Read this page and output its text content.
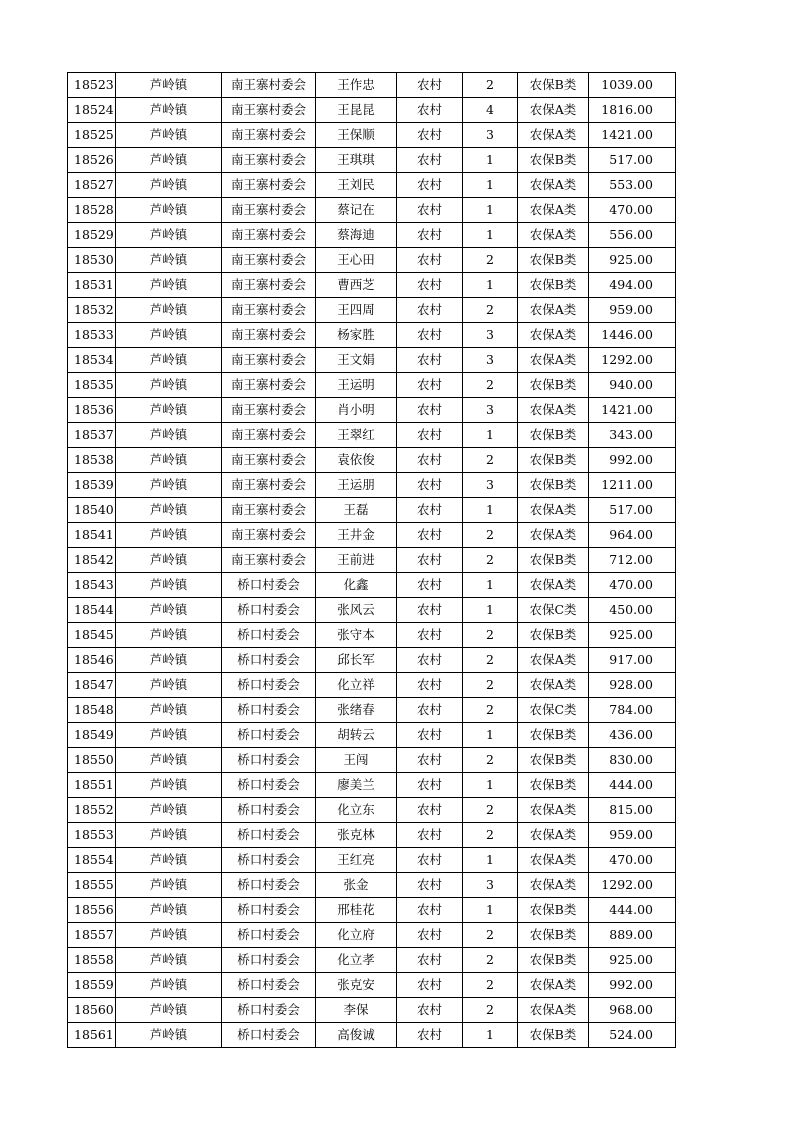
18523	芦岭镇	南王寨村委会	王作忠	农村	2	农保B类	1039.00
18524	芦岭镇	南王寨村委会	王昆昆	农村	4	农保A类	1816.00
18525	芦岭镇	南王寨村委会	王保顺	农村	3	农保A类	1421.00
18526	芦岭镇	南王寨村委会	王琪琪	农村	1	农保B类	517.00
18527	芦岭镇	南王寨村委会	王刘民	农村	1	农保A类	553.00
18528	芦岭镇	南王寨村委会	蔡记在	农村	1	农保A类	470.00
18529	芦岭镇	南王寨村委会	蔡海迪	农村	1	农保A类	556.00
18530	芦岭镇	南王寨村委会	王心田	农村	2	农保B类	925.00
18531	芦岭镇	南王寨村委会	曹西芝	农村	1	农保B类	494.00
18532	芦岭镇	南王寨村委会	王四周	农村	2	农保A类	959.00
18533	芦岭镇	南王寨村委会	杨家胜	农村	3	农保A类	1446.00
18534	芦岭镇	南王寨村委会	王文娟	农村	3	农保A类	1292.00
18535	芦岭镇	南王寨村委会	王运明	农村	2	农保B类	940.00
18536	芦岭镇	南王寨村委会	肖小明	农村	3	农保A类	1421.00
18537	芦岭镇	南王寨村委会	王翠红	农村	1	农保B类	343.00
18538	芦岭镇	南王寨村委会	袁依俊	农村	2	农保B类	992.00
18539	芦岭镇	南王寨村委会	王运朋	农村	3	农保B类	1211.00
18540	芦岭镇	南王寨村委会	王磊	农村	1	农保A类	517.00
18541	芦岭镇	南王寨村委会	王井金	农村	2	农保A类	964.00
18542	芦岭镇	南王寨村委会	王前进	农村	2	农保B类	712.00
18543	芦岭镇	桥口村委会	化鑫	农村	1	农保A类	470.00
18544	芦岭镇	桥口村委会	张风云	农村	1	农保C类	450.00
18545	芦岭镇	桥口村委会	张守本	农村	2	农保B类	925.00
18546	芦岭镇	桥口村委会	邱长军	农村	2	农保A类	917.00
18547	芦岭镇	桥口村委会	化立祥	农村	2	农保A类	928.00
18548	芦岭镇	桥口村委会	张绪春	农村	2	农保C类	784.00
18549	芦岭镇	桥口村委会	胡转云	农村	1	农保B类	436.00
18550	芦岭镇	桥口村委会	王闯	农村	2	农保B类	830.00
18551	芦岭镇	桥口村委会	廖美兰	农村	1	农保B类	444.00
18552	芦岭镇	桥口村委会	化立东	农村	2	农保A类	815.00
18553	芦岭镇	桥口村委会	张克林	农村	2	农保A类	959.00
18554	芦岭镇	桥口村委会	王红亮	农村	1	农保A类	470.00
18555	芦岭镇	桥口村委会	张金	农村	3	农保A类	1292.00
18556	芦岭镇	桥口村委会	邢桂花	农村	1	农保B类	444.00
18557	芦岭镇	桥口村委会	化立府	农村	2	农保B类	889.00
18558	芦岭镇	桥口村委会	化立孝	农村	2	农保B类	925.00
18559	芦岭镇	桥口村委会	张克安	农村	2	农保A类	992.00
18560	芦岭镇	桥口村委会	李保	农村	2	农保A类	968.00
18561	芦岭镇	桥口村委会	高俊诚	农村	1	农保B类	524.00
